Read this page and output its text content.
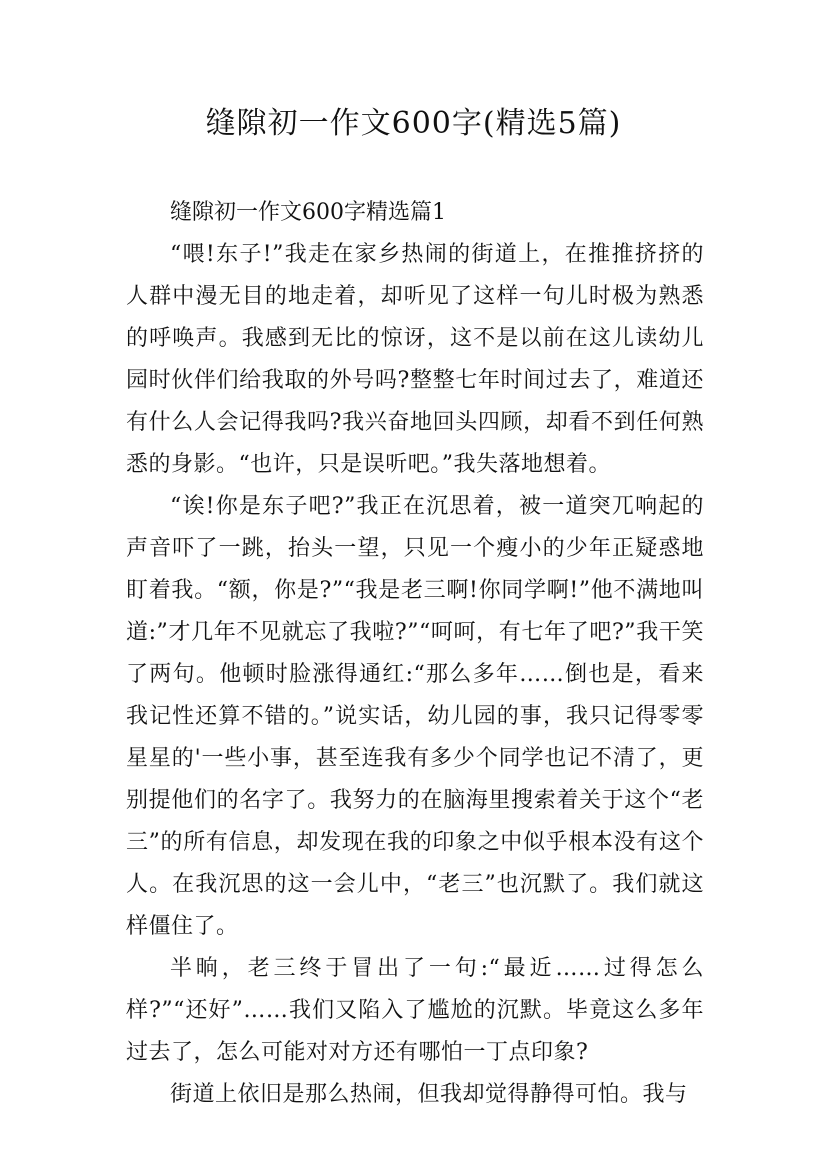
缝隙初一作文600字(精选5篇)

缝隙初一作文600字精选篇1

“喂!东子!”我走在家乡热闹的街道上，在推推挤挤的人群中漫无目的地走着，却听见了这样一句儿时极为熟悉的呼唤声。我感到无比的惊讶，这不是以前在这儿读幼儿园时伙伴们给我取的外号吗?整整七年时间过去了，难道还有什么人会记得我吗?我兴奋地回头四顾，却看不到任何熟悉的身影。“也许，只是误听吧。”我失落地想着。

“诶!你是东子吧?”我正在沉思着，被一道突兀响起的声音吓了一跳，抬头一望，只见一个瘦小的少年正疑惑地盯着我。“额，你是?”“我是老三啊!你同学啊!”他不满地叫道:”才几年不见就忘了我啦?”“呵呵，有七年了吧?”我干笑了两句。他顿时脸涨得通红:“那么多年……倒也是，看来我记性还算不错的。”说实话，幼儿园的事，我只记得零零星星的'一些小事，甚至连我有多少个同学也记不清了，更别提他们的名字了。我努力的在脑海里搜索着关于这个“老三”的所有信息，却发现在我的印象之中似乎根本没有这个人。在我沉思的这一会儿中，“老三”也沉默了。我们就这样僵住了。

半晌，老三终于冒出了一句:“最近……过得怎么样?”“还好”……我们又陷入了尴尬的沉默。毕竟这么多年过去了，怎么可能对对方还有哪怕一丁点印象?

街道上依旧是那么热闹，但我却觉得静得可怕。我与
